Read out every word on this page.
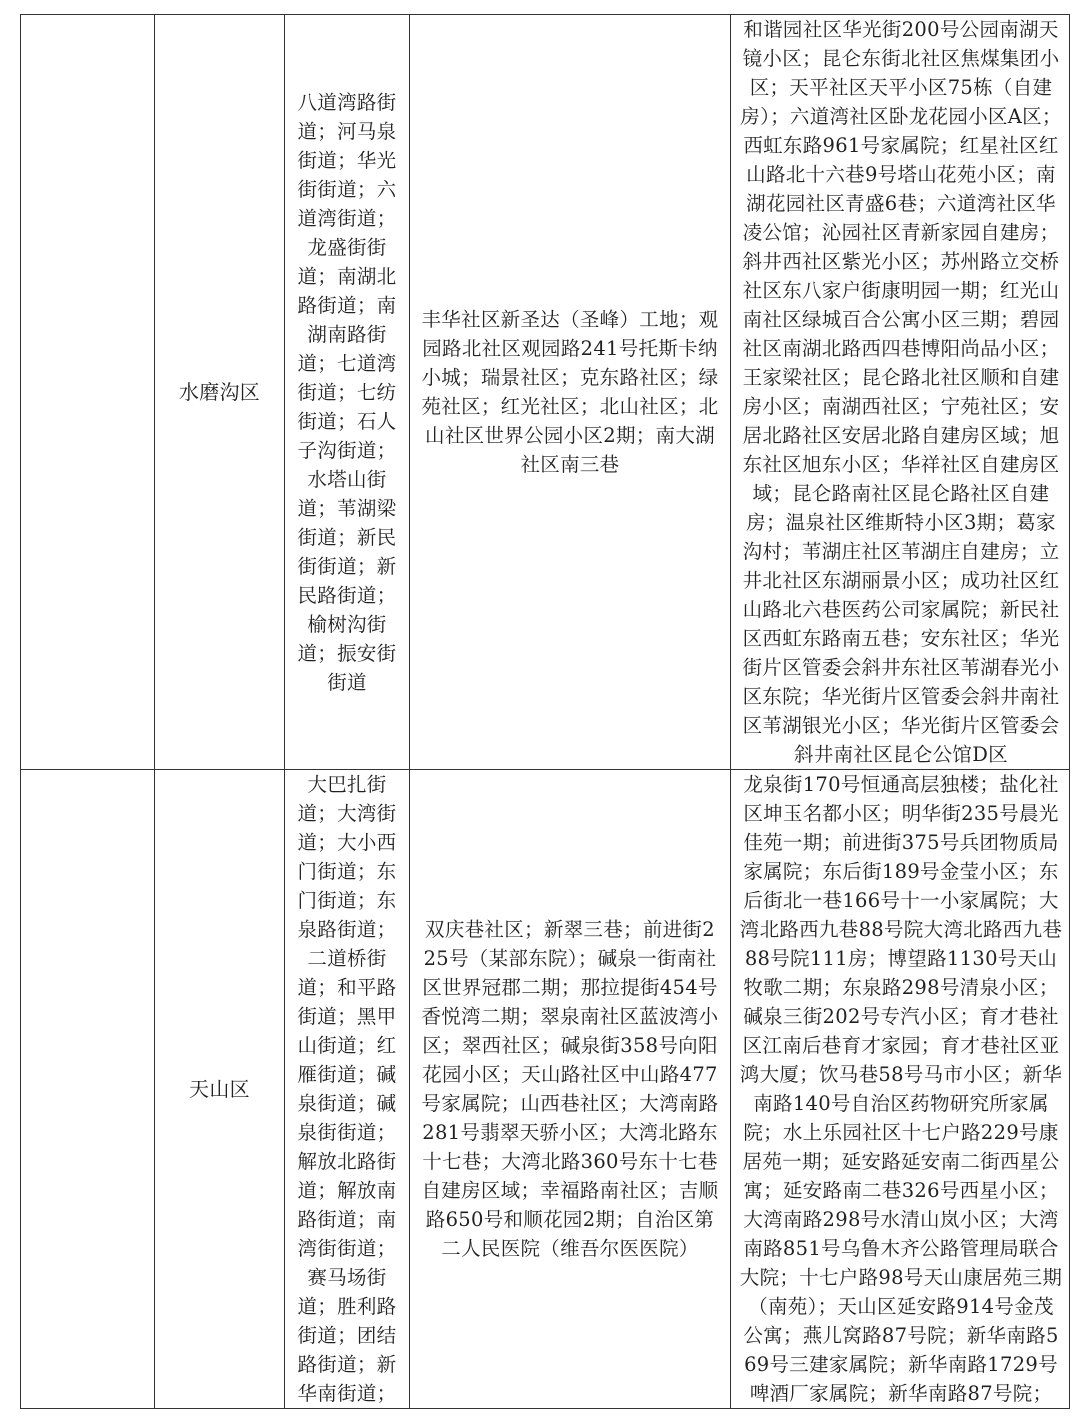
	水磨沟区	八道湾路街道；河马泉街道；华光街街道；六道湾街道；龙盛街街道；南湖北路街道；南湖南路街道；七道湾街道；七纺街道；石人子沟街道；水塔山街道；苇湖梁街道；新民街街道；新民路街道；榆树沟街道；振安街街道	丰华社区新圣达（圣峰）工地；观园路北社区观园路241号托斯卡纳小城；瑞景社区；克东路社区；绿苑社区；红光社区；北山社区；北山社区世界公园小区2期；南大湖社区南三巷	和谐园社区华光街200号公园南湖天镜小区；昆仑东街北社区焦煤集团小区；天平社区天平小区75栋（自建房）；六道湾社区卧龙花园小区A区；西虹东路961号家属院；红星社区红山路北十六巷9号塔山花苑小区；南湖花园社区青盛6巷；六道湾社区华凌公馆；沁园社区青新家园自建房；斜井西社区紫光小区；苏州路立交桥社区东八家户街康明园一期；红光山南社区绿城百合公寓小区三期；碧园社区南湖北路西四巷博阳尚品小区；王家梁社区；昆仑路北社区顺和自建房小区；南湖西社区；宁苑社区；安居北路社区安居北路自建房区域；旭东社区旭东小区；华祥社区自建房区域；昆仑路南社区昆仑路社区自建房；温泉社区维斯特小区3期；葛家沟村；苇湖庄社区苇湖庄自建房；立井北社区东湖丽景小区；成功社区红山路北六巷医药公司家属院；新民社区西虹东路南五巷；安东社区；华光街片区管委会斜井东社区苇湖春光小区东院；华光街片区管委会斜井南社区苇湖银光小区；华光街片区管委会斜井南社区昆仑公馆D区

	天山区	大巴扎街道；大湾街道；大小西门街道；东门街道；东泉路街道；二道桥街道；和平路街道；黑甲山街道；红雁街道；碱泉街道；碱泉街街道；解放北路街道；解放南路街道；南湾街街道；赛马场街道；胜利路街道；团结路街道；新华南街道；	双庆巷社区；新翠三巷；前进街225号（某部东院）；碱泉一街南社区世界冠郡二期；那拉提街454号香悦湾二期；翠泉南社区蓝波湾小区；翠西社区；碱泉街358号向阳花园小区；天山路社区中山路477号家属院；山西巷社区；大湾南路281号翡翠天骄小区；大湾北路东十七巷；大湾北路360号东十七巷自建房区域；幸福路南社区；吉顺路650号和顺花园2期；自治区第二人民医院（维吾尔医医院）	龙泉街170号恒通高层独楼；盐化社区坤玉名都小区；明华街235号晨光佳苑一期；前进街375号兵团物质局家属院；东后街189号金莹小区；东后街北一巷166号十一小家属院；大湾北路西九巷88号院大湾北路西九巷88号院111房；博望路1130号天山牧歌二期；东泉路298号清泉小区；碱泉三街202号专汽小区；育才巷社区江南后巷育才家园；育才巷社区亚鸿大厦；饮马巷58号马市小区；新华南路140号自治区药物研究所家属院；水上乐园社区十七户路229号康居苑一期；延安路延安南二街西星公寓；延安路南二巷326号西星小区；大湾南路298号水清山岚小区；大湾南路851号乌鲁木齐公路管理局联合大院；十七户路98号天山康居苑三期（南苑）；天山区延安路914号金茂公寓；燕儿窝路87号院；新华南路569号三建家属院；新华南路1729号啤酒厂家属院；新华南路87号院；
